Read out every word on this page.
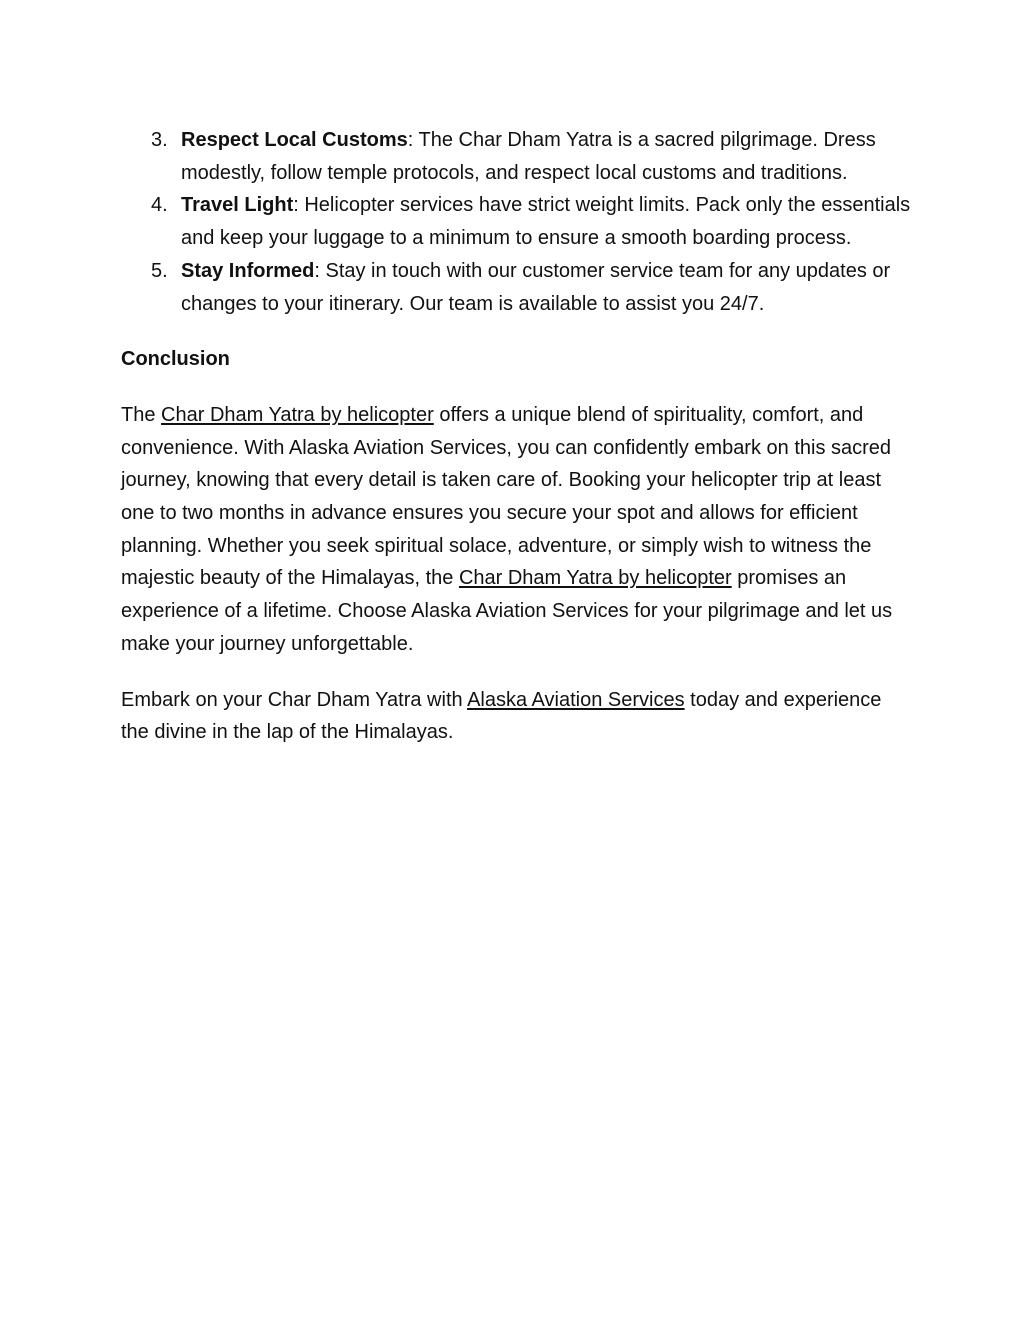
3. Respect Local Customs: The Char Dham Yatra is a sacred pilgrimage. Dress modestly, follow temple protocols, and respect local customs and traditions.
4. Travel Light: Helicopter services have strict weight limits. Pack only the essentials and keep your luggage to a minimum to ensure a smooth boarding process.
5. Stay Informed: Stay in touch with our customer service team for any updates or changes to your itinerary. Our team is available to assist you 24/7.
Conclusion

The Char Dham Yatra by helicopter offers a unique blend of spirituality, comfort, and convenience. With Alaska Aviation Services, you can confidently embark on this sacred journey, knowing that every detail is taken care of. Booking your helicopter trip at least one to two months in advance ensures you secure your spot and allows for efficient planning. Whether you seek spiritual solace, adventure, or simply wish to witness the majestic beauty of the Himalayas, the Char Dham Yatra by helicopter promises an experience of a lifetime. Choose Alaska Aviation Services for your pilgrimage and let us make your journey unforgettable.

Embark on your Char Dham Yatra with Alaska Aviation Services today and experience the divine in the lap of the Himalayas.
